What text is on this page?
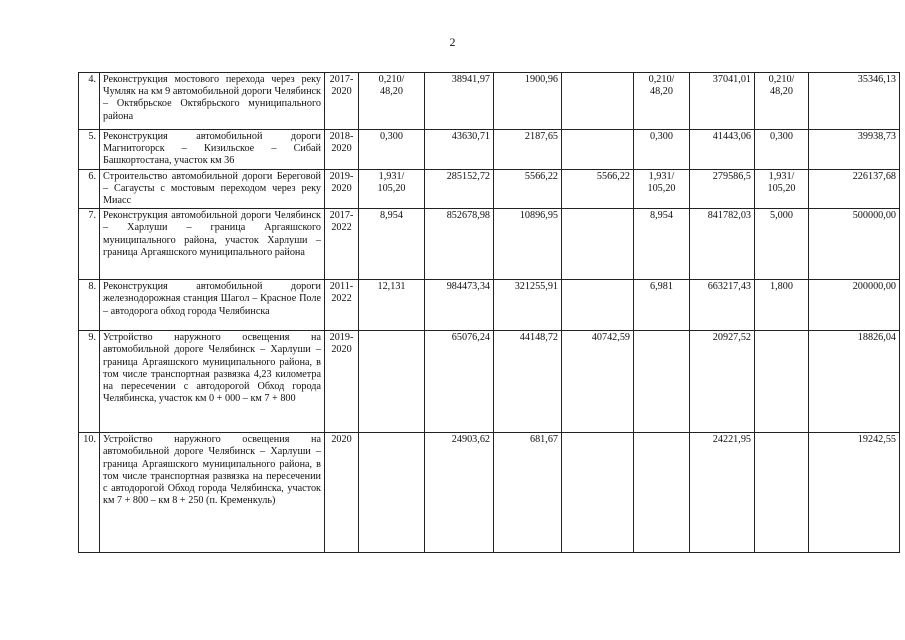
2
4.	Реконструкция мостового перехода через реку Чумляк на км 9 автомобильной дороги Челябинск – Октябрьское Октябрьского муниципального района	2017-
2020	0,210/
48,20	38941,97	1900,96		0,210/
48,20	37041,01	0,210/
48,20	35346,13
5.	Реконструкция автомобильной дороги Магнитогорск – Кизильское – Сибай Башкортостана, участок км 36	2018-
2020	0,300	43630,71	2187,65		0,300	41443,06	0,300	39938,73
6.	Строительство автомобильной дороги Береговой – Сагаусты с мостовым переходом через реку Миасс	2019-
2020	1,931/
105,20	285152,72	5566,22	5566,22	1,931/
105,20	279586,5	1,931/
105,20	226137,68
7.	Реконструкция автомобильной дороги Челябинск – Харлуши – граница Аргаяшского муниципального района, участок Харлуши – граница Аргаяшского муниципального района	2017-
2022	8,954	852678,98	10896,95		8,954	841782,03	5,000	500000,00
8.	Реконструкция автомобильной дороги железнодорожная станция Шагол – Красное Поле – автодорога обход города Челябинска	2011-
2022	12,131	984473,34	321255,91		6,981	663217,43	1,800	200000,00
9.	Устройство наружного освещения на автомобильной дороге Челябинск – Харлуши – граница Аргаяшского муниципального района, в том числе транспортная развязка 4,23 километра на пересечении с автодорогой Обход города Челябинска, участок км 0 + 000 – км 7 + 800	2019-
2020		65076,24	44148,72	40742,59		20927,52		18826,04
10.	Устройство наружного освещения на автомобильной дороге Челябинск – Харлуши – граница Аргаяшского муниципального района, в том числе транспортная развязка на пересечении с автодорогой Обход города Челябинска, участок км 7 + 800 – км 8 + 250 (п. Кременкуль)	2020		24903,62	681,67			24221,95		19242,55
